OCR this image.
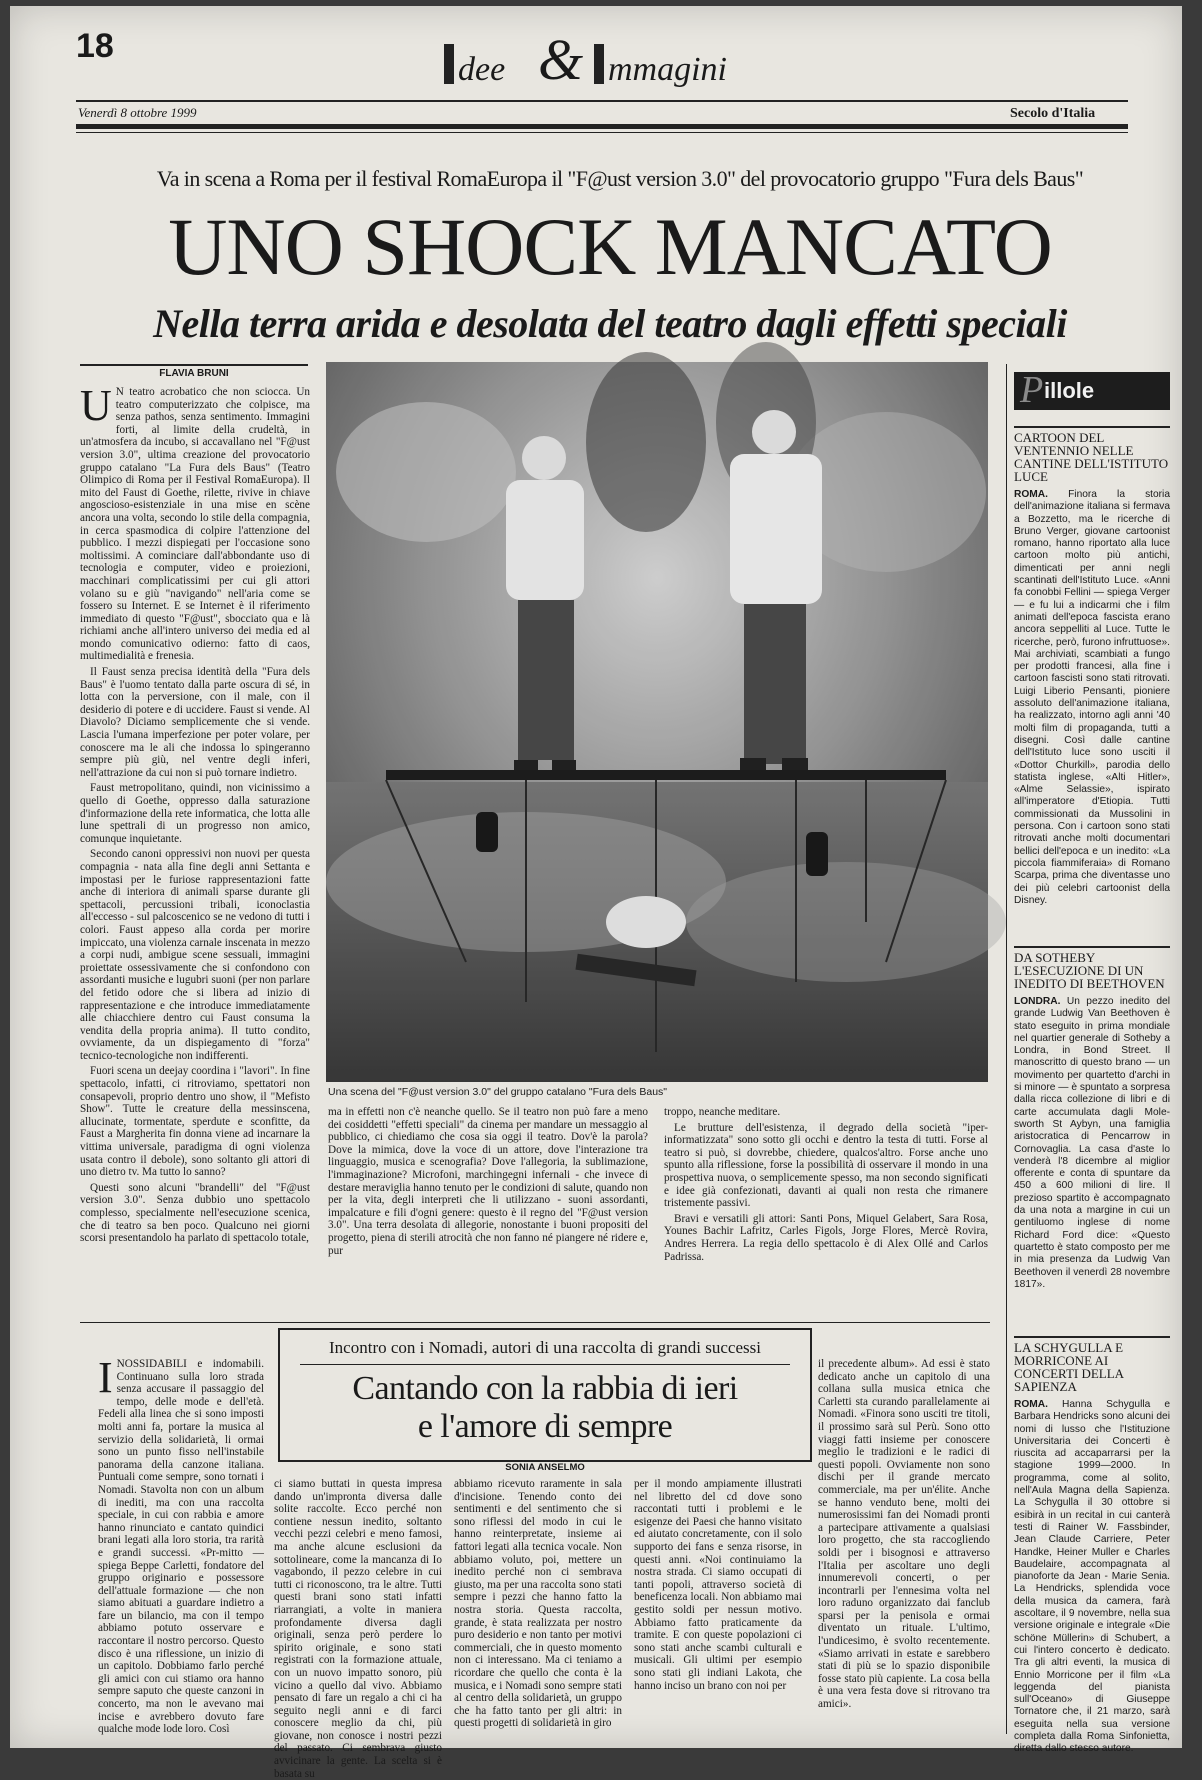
18
dee & mmagini
Venerdì 8 ottobre 1999	Secolo d'Italia
Va in scena a Roma per il festival RomaEuropa il "F@ust version 3.0" del provocatorio gruppo "Fura dels Baus"
UNO SHOCK MANCATO
Nella terra arida e desolata del teatro dagli effetti speciali
FLAVIA BRUNI

U N teatro acrobatico che non sciocca. Un teatro computerizzato che colpisce, ma senza pathos, senza sentimento. Immagini forti, al limite della crudeltà, in un'atmosfera da incubo, si accavallano nel "F@ust version 3.0", ultima creazione del provocatorio gruppo catalano "La Fura dels Baus" (Teatro Olimpico di Roma per il Festival RomaEuropa). Il mito del Faust di Goethe, rilette, rivive in chiave angoscioso-esistenziale in una mise en scène ancora una volta, secondo lo stile della compagnia, in cerca spasmodica di colpire l'attenzione del pubblico. I mezzi dispiegati per l'occasione sono moltissimi. A cominciare dall'abbondante uso di tecnologia e computer, video e proiezioni, macchinari complicatissimi per cui gli attori volano su e giù "navigando" nell'aria come se fossero su Internet. E se Internet è il riferimento immediato di questo "F@ust", sbocciato qua e là richiami anche all'intero universo dei media ed al mondo comunicativo odierno: fatto di caos, multimedialità e frenesia.

Il Faust senza precisa identità della "Fura dels Baus" è l'uomo tentato dalla parte oscura di sé, in lotta con la perversione, con il male, con il desiderio di potere e di uccidere. Faust si vende. Al Diavolo? Diciamo semplicemente che si vende. Lascia l'umana imperfezione per poter volare, per conoscere ma le ali che indossa lo spingeranno sempre più giù, nel ventre degli inferi, nell'attrazione da cui non si può tornare indietro.

Faust metropolitano, quindi, non vicinissimo a quello di Goethe, oppresso dalla saturazione d'informazione della rete informatica, che lotta alle lune spettrali di un progresso non amico, comunque inquietante.

Secondo canoni oppressivi non nuovi per questa compagnia - nata alla fine degli anni Settanta e impostasi per le furiose rappresentazioni fatte anche di interiora di animali sparse durante gli spettacoli, percussioni tribali, iconoclastia all'eccesso - sul palcoscenico se ne vedono di tutti i colori. Faust appeso alla corda per morire impiccato, una violenza carnale inscenata in mezzo a corpi nudi, ambigue scene sessuali, immagini proiettate ossessivamente che si confondono con assordanti musiche e lugubri suoni (per non parlare del fetido odore che si libera ad inizio di rappresentazione e che introduce immediatamente alle chiacchiere dentro cui Faust consuma la vendita della propria anima). Il tutto condito, ovviamente, da un dispiegamento di "forza" tecnico-tecnologiche non indifferenti.

Fuori scena un deejay coordina i "lavori". In fine spettacolo, infatti, ci ritroviamo, spettatori non consapevoli, proprio dentro uno show, il "Mefisto Show". Tutte le creature della messinscena, allucinate, tormentate, sperdute e sconfitte, da Faust a Margherita fin donna viene ad incarnare la vittima universale, paradigma di ogni violenza usata contro il debole), sono soltanto gli attori di uno dietro tv. Ma tutto lo sanno?

Questi sono alcuni "brandelli" del "F@ust version 3.0". Senza dubbio uno spettacolo complesso, specialmente nell'esecuzione scenica, che di teatro sa ben poco. Qualcuno nei giorni scorsi presentandolo ha parlato di spettacolo totale,

Una scena del "F@ust version 3.0" del gruppo catalano "Fura dels Baus"

ma in effetti non c'è neanche quello. Se il teatro non può fare a meno dei cosiddetti "effetti speciali" da cinema per mandare un messaggio al pubblico, ci chiediamo che cosa sia oggi il teatro. Dov'è la parola? Dove la mimica, dove la voce di un attore, dove l'interazione tra linguaggio, musica e scenografia? Dove l'allegoria, la sublimazione, l'immaginazione? Microfoni, marchingegni infernali - che invece di destare meraviglia hanno tenuto per le condizioni di salute, quando non per la vita, degli interpreti che li utilizzano - suoni assordanti, impalcature e fili d'ogni genere: questo è il regno del "F@ust version 3.0". Una terra desolata di allegorie, nonostante i buoni propositi del progetto, piena di sterili atrocità che non fanno né piangere né ridere e, pur

troppo, neanche meditare.

Le brutture dell'esistenza, il degrado della società "iper-informatizzata" sono sotto gli occhi e dentro la testa di tutti. Forse al teatro si può, si dovrebbe, chiedere, qualcos'altro. Forse anche uno spunto alla riflessione, forse la possibilità di osservare il mondo in una prospettiva nuova, o semplicemente spesso, ma non secondo significati e idee già confezionati, davanti ai quali non resta che rimanere tristemente passivi.

Bravi e versatili gli attori: Santi Pons, Miquel Gelabert, Sara Rosa, Younes Bachir Lafritz, Carles Figols, Jorge Flores, Mercè Rovira, Andres Herrera. La regia dello spettacolo è di Alex Ollé and Carlos Padrissa.

P illole
CARTOON DEL VENTENNIO NELLE CANTINE DELL'ISTITUTO LUCE

ROMA. Finora la storia dell'animazione italiana si fermava a Bozzetto, ma le ricerche di Bruno Verger, giovane cartoonist romano, hanno riportato alla luce cartoon molto più antichi, dimenticati per anni negli scantinati dell'Istituto Luce. «Anni fa conobbi Fellini — spiega Verger — e fu lui a indicarmi che i film animati dell'epoca fascista erano ancora seppelliti al Luce. Tutte le ricerche, però, furono infruttuose». Mai archiviati, scambiati a fungo per prodotti francesi, alla fine i cartoon fascisti sono stati ritrovati. Luigi Liberio Pensanti, pioniere assoluto dell'animazione italiana, ha realizzato, intorno agli anni '40 molti film di propaganda, tutti a disegni. Così dalle cantine dell'Istituto luce sono usciti il «Dottor Churkill», parodia dello statista inglese, «Alti Hitler», «Alme Selassie», ispirato all'imperatore d'Etiopia. Tutti commissionati da Mussolini in persona. Con i cartoon sono stati ritrovati anche molti documentari bellici dell'epoca e un inedito: «La piccola fiammiferaia» di Romano Scarpa, prima che diventasse uno dei più celebri cartoonist della Disney.

DA SOTHEBY L'ESECUZIONE DI UN INEDITO DI BEETHOVEN

LONDRA. Un pezzo inedito del grande Ludwig Van Beethoven è stato eseguito in prima mondiale nel quartier generale di Sotheby a Londra, in Bond Street. Il manoscritto di questo brano — un movimento per quartetto d'archi in si minore — è spuntato a sorpresa dalla ricca collezione di libri e di carte accumulata dagli Mole-sworth St Aybyn, una famiglia aristocratica di Pencarrow in Cornovaglia. La casa d'aste lo venderà l'8 dicembre al miglior offerente e conta di spuntare da 450 a 600 milioni di lire. Il prezioso spartito è accompagnato da una nota a margine in cui un gentiluomo inglese di nome Richard Ford dice: «Questo quartetto è stato composto per me in mia presenza da Ludwig Van Beethoven il venerdì 28 novembre 1817».

LA SCHYGULLA E MORRICONE AI CONCERTI DELLA SAPIENZA

ROMA. Hanna Schygulla e Barbara Hendricks sono alcuni dei nomi di lusso che l'Istituzione Universitaria dei Concerti è riuscita ad accaparrarsi per la stagione 1999—2000. In programma, come al solito, nell'Aula Magna della Sapienza. La Schygulla il 30 ottobre si esibirà in un recital in cui canterà testi di Rainer W. Fassbinder, Jean Claude Carriere, Peter Handke, Heiner Muller e Charles Baudelaire, accompagnata al pianoforte da Jean - Marie Senia. La Hendricks, splendida voce della musica da camera, farà ascoltare, il 9 novembre, nella sua versione originale e integrale «Die schöne Müllerin» di Schubert, a cui l'intero concerto è dedicato. Tra gli altri eventi, la musica di Ennio Morricone per il film «La leggenda del pianista sull'Oceano» di Giuseppe Tornatore che, il 21 marzo, sarà eseguita nella sua versione completa dalla Roma Sinfonietta, diretta dallo stesso autore.

Incontro con i Nomadi, autori di una raccolta di grandi successi
Cantando con la rabbia di ieri
e l'amore di sempre
SONIA ANSELMO

INOSSIDABILI e indomabili. Continuano sulla loro strada senza accusare il passaggio del tempo, delle mode e dell'età. Fedeli alla linea che si sono imposti molti anni fa, portare la musica al servizio della solidarietà, li ormai sono un punto fisso nell'instabile panorama della canzone italiana. Puntuali come sempre, sono tornati i Nomadi. Stavolta non con un album di inediti, ma con una raccolta speciale, in cui con rabbia e amore hanno rinunciato e cantato quindici brani legati alla loro storia, tra rarità e grandi successi. «Pr-mitto — spiega Beppe Carletti, fondatore del gruppo originario e possessore dell'attuale formazione — che non siamo abituati a guardare indietro a fare un bilancio, ma con il tempo abbiamo potuto osservare e raccontare il nostro percorso. Questo disco è una riflessione, un inizio di un capitolo. Dobbiamo farlo perché gli amici con cui stiamo ora hanno sempre saputo che queste canzoni in concerto, ma non le avevano mai incise e avrebbero dovuto fare qualche mode lode loro. Così

ci siamo buttati in questa impresa dando un'impronta diversa dalle solite raccolte. Ecco perché non contiene nessun inedito, soltanto vecchi pezzi celebri e meno famosi, ma anche alcune esclusioni da sottolineare, come la mancanza di Io vagabondo, il pezzo celebre in cui tutti ci riconoscono, tra le altre. Tutti questi brani sono stati infatti riarrangiati, a volte in maniera profondamente diversa dagli originali, senza però perdere lo spirito originale, e sono stati registrati con la formazione attuale, con un nuovo impatto sonoro, più vicino a quello dal vivo. Abbiamo pensato di fare un regalo a chi ci ha seguito negli anni e di farci conoscere meglio da chi, più giovane, non conosce i nostri pezzi del passato. Ci sembrava giusto avvicinare la gente. La scelta si è basata su

abbiamo ricevuto raramente in sala d'incisione. Tenendo conto dei sentimenti e del sentimento che si sono riflessi del modo in cui le hanno reinterpretate, insieme ai fattori legati alla tecnica vocale. Non abbiamo voluto, poi, mettere un inedito perché non ci sembrava giusto, ma per una raccolta sono stati sempre i pezzi che hanno fatto la nostra storia. Questa raccolta, grande, è stata realizzata per nostro puro desiderio e non tanto per motivi commerciali, che in questo momento non ci interessano. Ma ci teniamo a ricordare che quello che conta è la musica, e i Nomadi sono sempre stati al centro della solidarietà, un gruppo che ha fatto tanto per gli altri: in questi progetti di solidarietà in giro

per il mondo ampiamente illustrati nel libretto del cd dove sono raccontati tutti i problemi e le esigenze dei Paesi che hanno visitato ed aiutato concretamente, con il solo supporto dei fans e senza risorse, in questi anni. «Noi continuiamo la nostra strada. Ci siamo occupati di tanti popoli, attraverso società di beneficenza locali. Non abbiamo mai gestito soldi per nessun motivo. Abbiamo fatto praticamente da tramite. E con queste popolazioni ci sono stati anche scambi culturali e musicali. Gli ultimi per esempio sono stati gli indiani Lakota, che hanno inciso un brano con noi per

il precedente album». Ad essi è stato dedicato anche un capitolo di una collana sulla musica etnica che Carletti sta curando parallelamente ai Nomadi. «Finora sono usciti tre titoli, il prossimo sarà sul Perù. Sono otto viaggi fatti insieme per conoscere meglio le tradizioni e le radici di questi popoli. Ovviamente non sono dischi per il grande mercato commerciale, ma per un'élite. Anche se hanno venduto bene, molti dei numerosissimi fan dei Nomadi pronti a partecipare attivamente a qualsiasi loro progetto, che sta raccogliendo soldi per i bisognosi e attraverso l'Italia per ascoltare uno degli innumerevoli concerti, o per incontrarli per l'ennesima volta nel loro raduno organizzato dai fanclub sparsi per la penisola e ormai diventato un rituale. L'ultimo, l'undicesimo, è svolto recentemente. «Siamo arrivati in estate e sarebbero stati di più se lo spazio disponibile fosse stato più capiente. La cosa bella è una vera festa dove si ritrovano tra amici».
